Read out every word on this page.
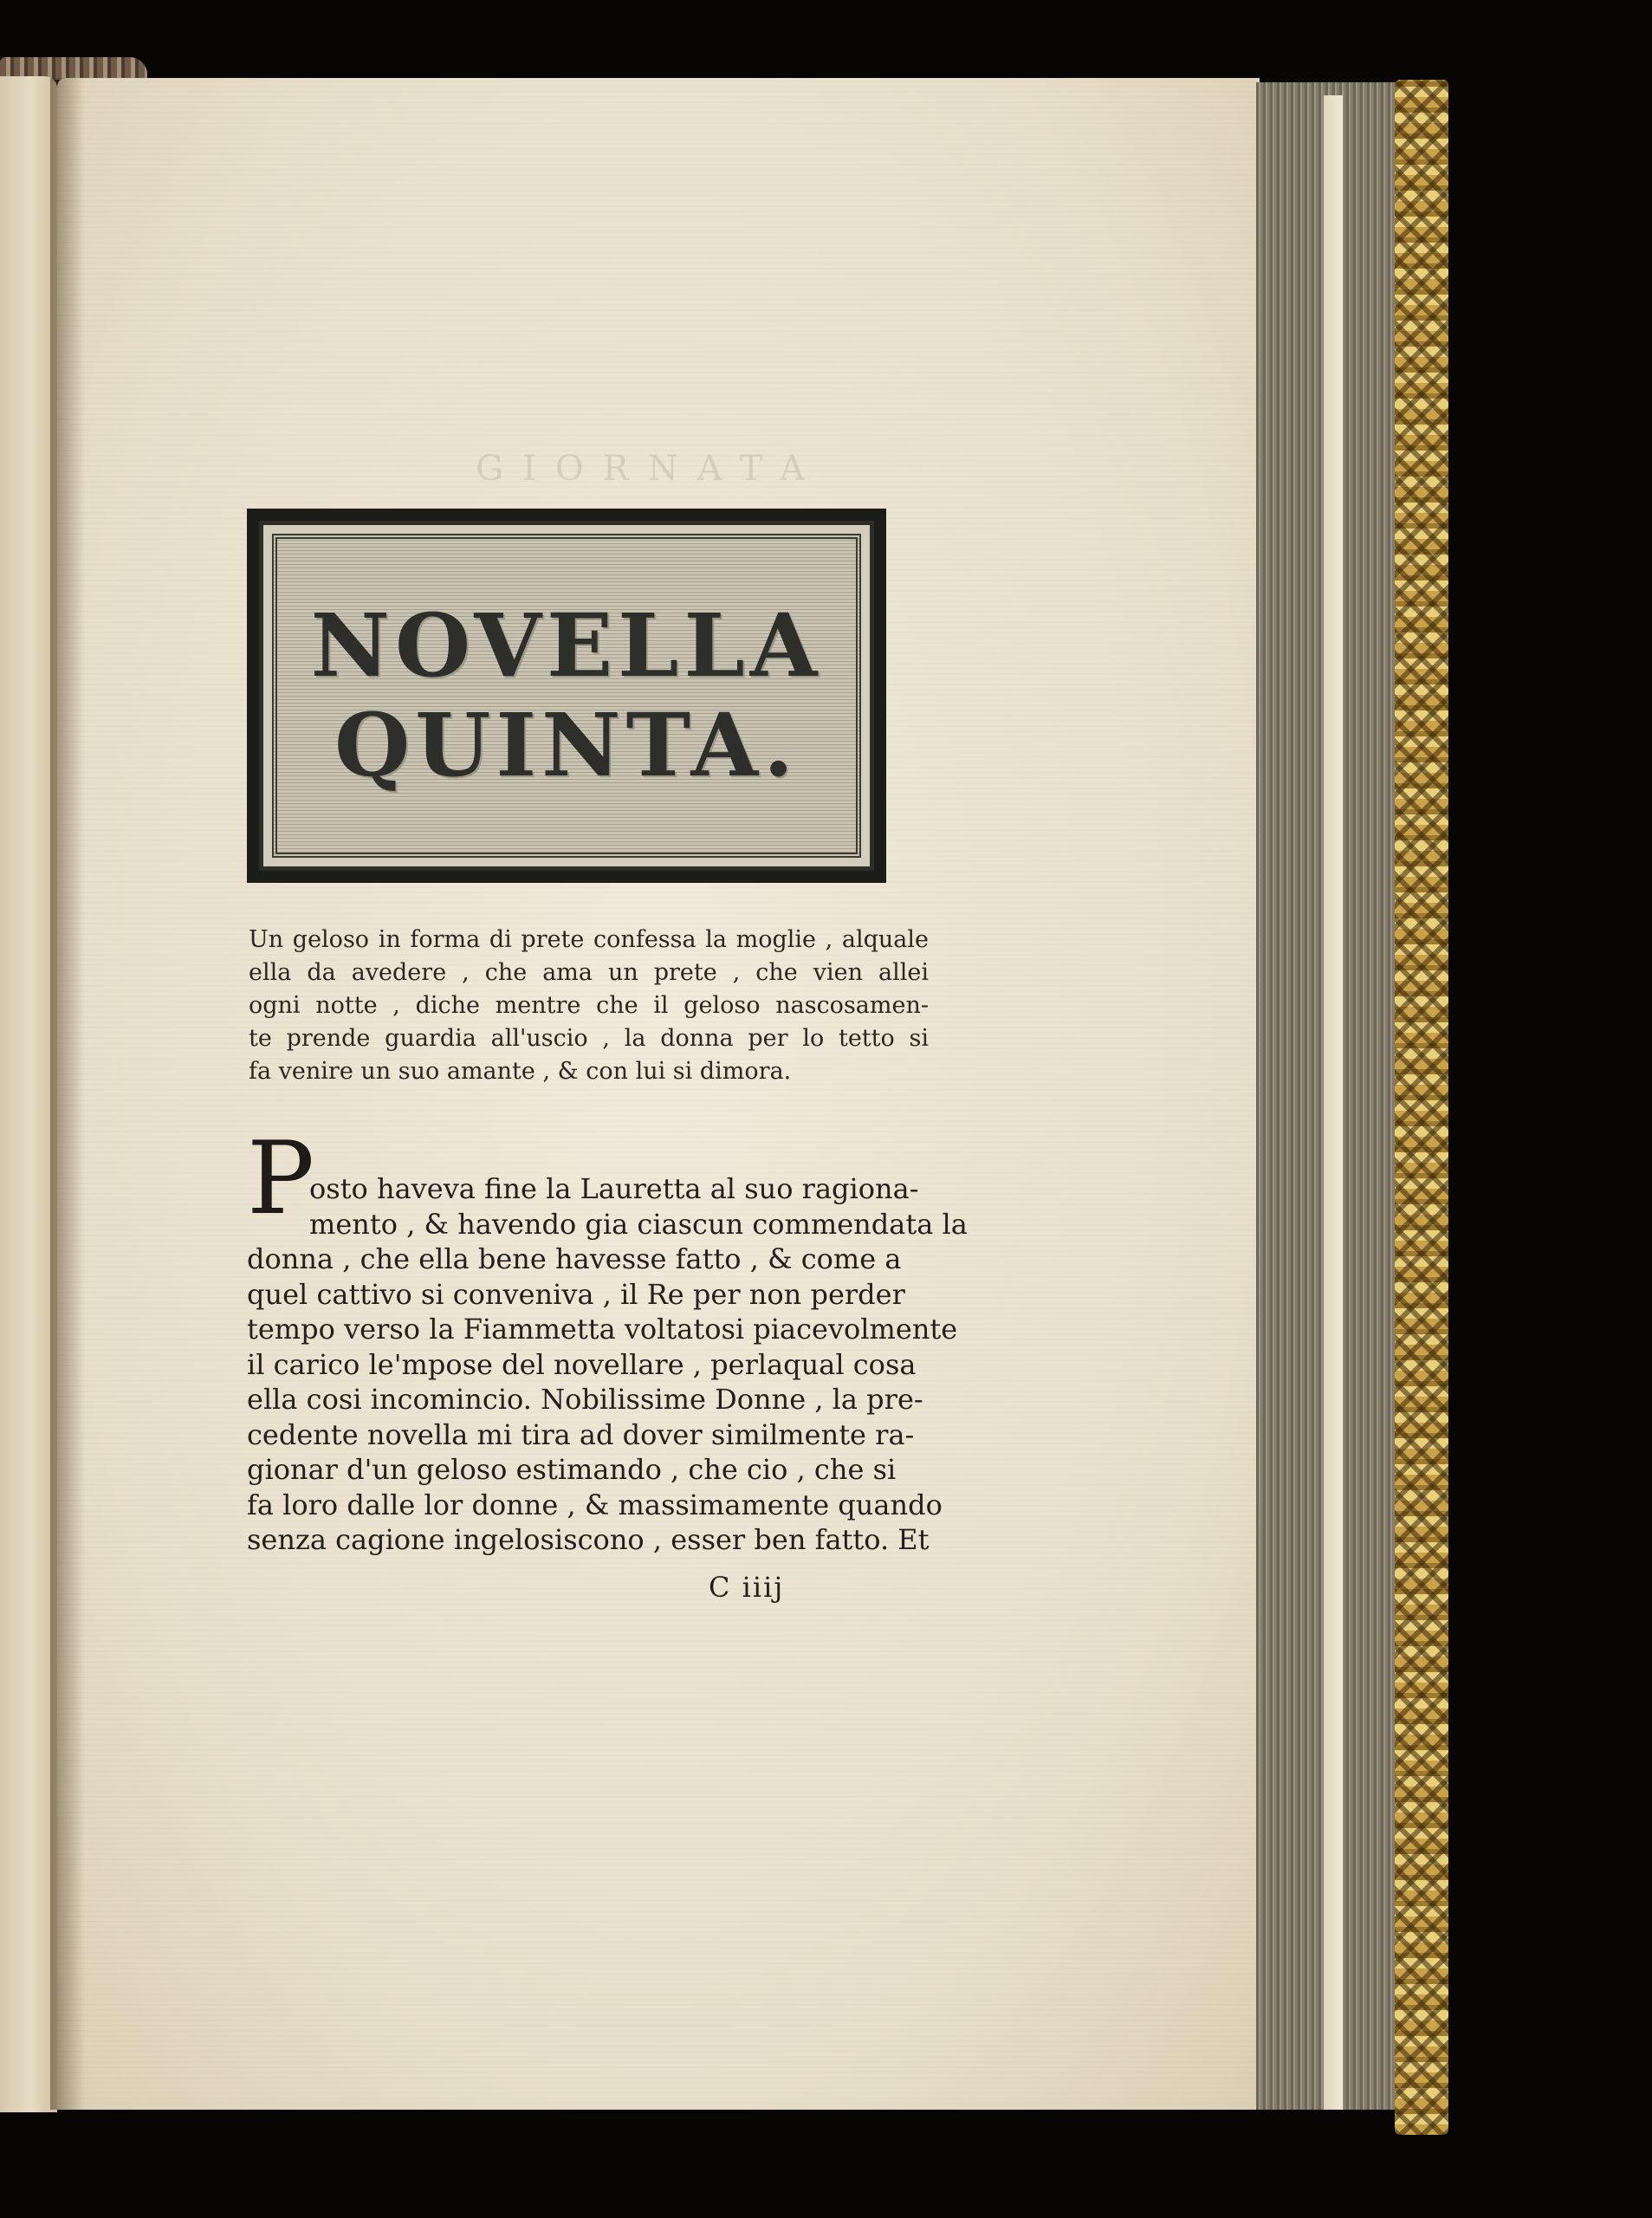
GIORNATA
NOVELLA
QUINTA.
Un geloso in forma di prete confessa la moglie , alquale
ella da avedere , che ama un prete , che vien allei
ogni notte , diche mentre che il geloso nascosamen-
te prende guardia all'uscio , la donna per lo tetto si
fa venire un suo amante , & con lui si dimora.
P
osto haveva fine la Lauretta al suo ragiona-
mento , & havendo gia ciascun commendata la
donna , che ella bene havesse fatto , & come a
quel cattivo si conveniva , il Re per non perder
tempo verso la Fiammetta voltatosi piacevolmente
il carico le'mpose del novellare , perlaqual cosa
ella cosi incomincio. Nobilissime Donne , la pre-
cedente novella mi tira ad dover similmente ra-
gionar d'un geloso estimando , che cio , che si
fa loro dalle lor donne , & massimamente quando
senza cagione ingelosiscono , esser ben fatto. Et
C iiij
